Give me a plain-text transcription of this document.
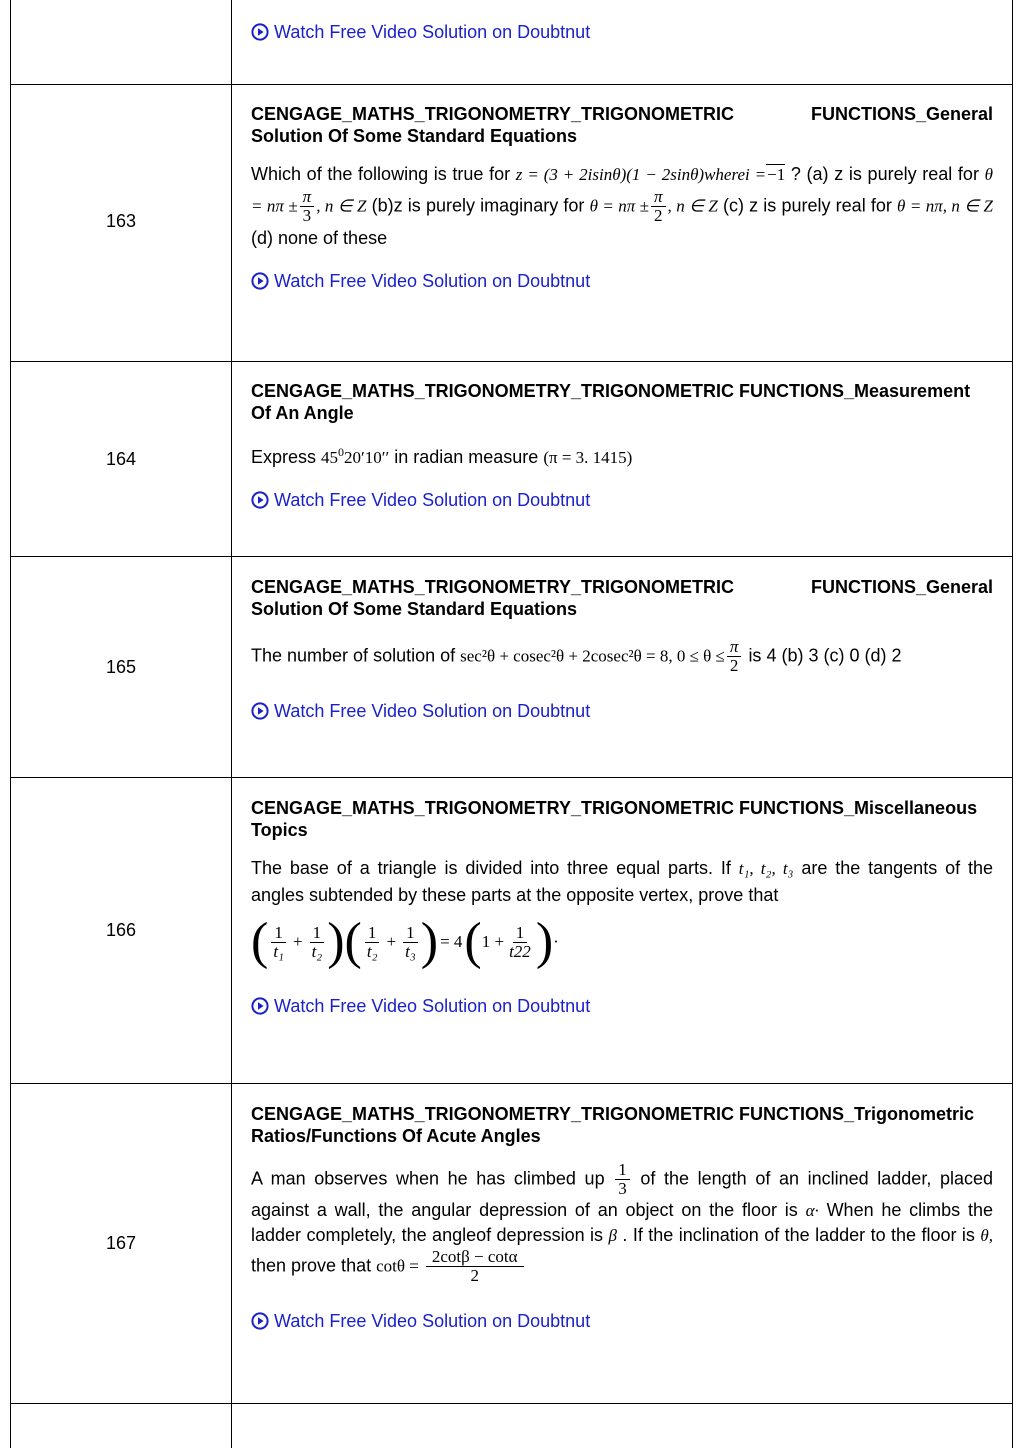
Watch Free Video Solution on Doubtnut
163
CENGAGE_MATHS_TRIGONOMETRY_TRIGONOMETRIC FUNCTIONS_General Solution Of Some Standard Equations
Which of the following is true for z = (3 + 2isinθ)(1 − 2sinθ)wherei =−1 ? (a) z is purely real for $\theta = n\pi \pm \frac{\pi}{3}$ , n ∈ Z (b)z is purely imaginary for $\theta = n\pi \pm \frac{\pi}{2}$ , n ∈ Z (c) z is purely real for θ = nπ, n ∈ Z (d) none of these
Watch Free Video Solution on Doubtnut
164
CENGAGE_MATHS_TRIGONOMETRY_TRIGONOMETRIC FUNCTIONS_Measurement Of An Angle
Express $45^020'10''$ in radian measure (π = 3. 1415)
Watch Free Video Solution on Doubtnut
165
CENGAGE_MATHS_TRIGONOMETRY_TRIGONOMETRIC FUNCTIONS_General Solution Of Some Standard Equations
The number of solution of sec²θ + cosec²θ + 2cosec²θ = 8, $0 \le \theta \le \frac{\pi}{2}$ is 4 (b) 3 (c) 0 (d) 2
Watch Free Video Solution on Doubtnut
166
CENGAGE_MATHS_TRIGONOMETRY_TRIGONOMETRIC FUNCTIONS_Miscellaneous Topics
The base of a triangle is divided into three equal parts. If t₁, t₂, t₃ are the tangents of the angles subtended by these parts at the opposite vertex, prove that
( $\frac{1}{\text{t₁}} + \frac{1}{\text{t₂}}$ ) ( $\frac{1}{\text{t₂}} + \frac{1}{\text{t₃}}$ ) = 4 ( $1 + \frac{1}{t22}$ ) ·
Watch Free Video Solution on Doubtnut
167
CENGAGE_MATHS_TRIGONOMETRY_TRIGONOMETRIC FUNCTIONS_Trigonometric Ratios/Functions Of Acute Angles
A man observes when he has climbed up $\frac{1}{3}$ of the length of an inclined ladder, placed against a wall, the angular depression of an object on the floor is α· When he climbs the ladder completely, the angleof depression is β . If the inclination of the ladder to the floor is θ, then prove that $\cot\theta = \frac{2\cot\beta - \cot\alpha}{2}$
Watch Free Video Solution on Doubtnut
